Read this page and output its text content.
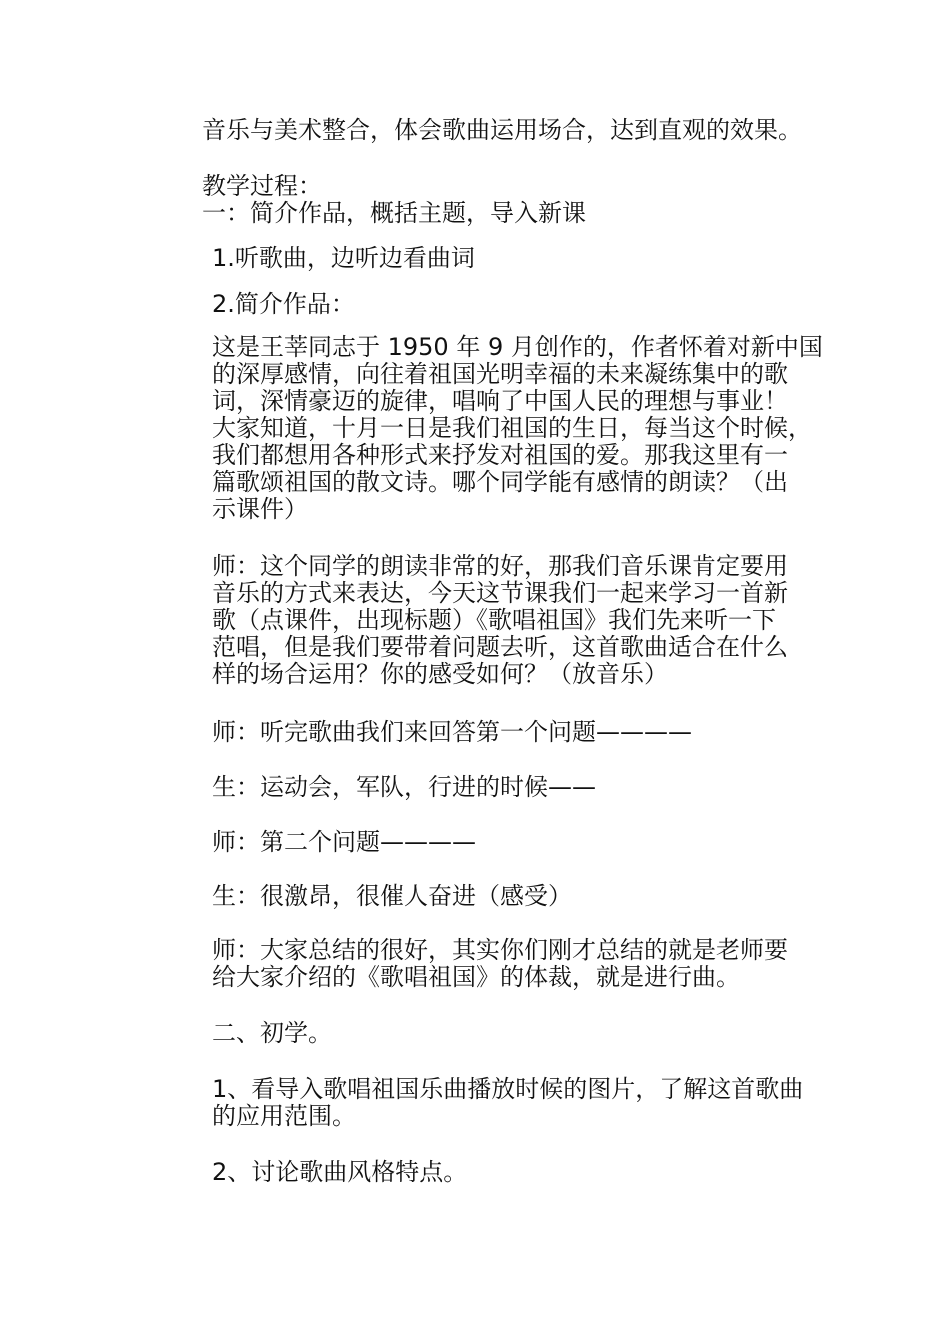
音乐与美术整合，体会歌曲运用场合，达到直观的效果。
教学过程：
一：简介作品，概括主题，导入新课
1.听歌曲，边听边看曲词
2.简介作品：
这是王莘同志于 1950 年 9 月创作的，作者怀着对新中国
的深厚感情，向往着祖国光明幸福的未来凝练集中的歌
词，深情豪迈的旋律，唱响了中国人民的理想与事业！
大家知道，十月一日是我们祖国的生日，每当这个时候，
我们都想用各种形式来抒发对祖国的爱。那我这里有一
篇歌颂祖国的散文诗。哪个同学能有感情的朗读？（出
示课件）
师：这个同学的朗读非常的好，那我们音乐课肯定要用
音乐的方式来表达，今天这节课我们一起来学习一首新
歌（点课件，出现标题）《歌唱祖国》我们先来听一下
范唱，但是我们要带着问题去听，这首歌曲适合在什么
样的场合运用？你的感受如何？（放音乐）
师：听完歌曲我们来回答第一个问题————
生：运动会，军队，行进的时候——
师：第二个问题————
生：很激昂，很催人奋进（感受）
师：大家总结的很好，其实你们刚才总结的就是老师要
给大家介绍的《歌唱祖国》的体裁，就是进行曲。
二、初学。
1、看导入歌唱祖国乐曲播放时候的图片，了解这首歌曲
的应用范围。
2、讨论歌曲风格特点。
